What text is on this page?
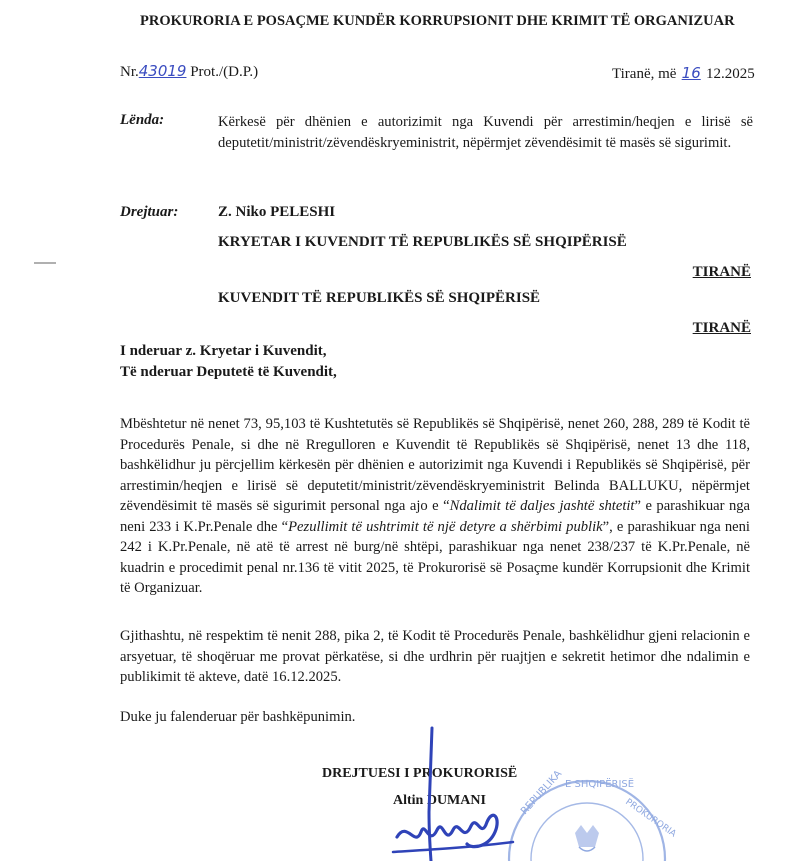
PROKURORIA E POSAÇME KUNDËR KORRUPSIONIT DHE KRIMIT TË ORGANIZUAR
Nr.43019 Prot./(D.P.)	Tiranë, më 16 12.2025
Lënda:	Kërkesë për dhënien e autorizimit nga Kuvendi për arrestimin/heqjen e lirisë së deputetit/ministrit/zëvendëskryeministrit, nëpërmjet zëvendësimit të masës së sigurimit.
Drejtuar:	Z. Niko PELESHI
KRYETAR I KUVENDIT TË REPUBLIKËS SË SHQIPËRISË
TIRANË
KUVENDIT TË REPUBLIKËS SË SHQIPËRISË
TIRANË
I nderuar z. Kryetar i Kuvendit,
Të nderuar Deputetë të Kuvendit,
Mbështetur në nenet 73, 95,103 të Kushtetutës së Republikës së Shqipërisë, nenet 260, 288, 289 të Kodit të Procedurës Penale, si dhe në Rregulloren e Kuvendit të Republikës së Shqipërisë, nenet 13 dhe 118, bashkëlidhur ju përcjellim kërkesën për dhënien e autorizimit nga Kuvendi i Republikës së Shqipërisë, për arrestimin/heqjen e lirisë së deputetit/ministrit/zëvendëskryeministrit Belinda BALLUKU, nëpërmjet zëvendësimit të masës së sigurimit personal nga ajo e “Ndalimit të daljes jashtë shtetit” e parashikuar nga neni 233 i K.Pr.Penale dhe “Pezullimit të ushtrimit të një detyre a shërbimi publik”, e parashikuar nga neni 242 i K.Pr.Penale, në atë të arrest në burg/në shtëpi, parashikuar nga nenet 238/237 të K.Pr.Penale, në kuadrin e procedimit penal nr.136 të vitit 2025, të Prokurorisë së Posaçme kundër Korrupsionit dhe Krimit të Organizuar.
Gjithashtu, në respektim të nenit 288, pika 2, të Kodit të Procedurës Penale, bashkëlidhur gjeni relacionin e arsyetuar, të shoqëruar me provat përkatëse, si dhe urdhrin për ruajtjen e sekretit hetimor dhe ndalimin e publikimit të akteve, datë 16.12.2025.
Duke ju falenderuar për bashkëpunimin.
DREJTUESI I PROKURORISË
Altin DUMANI	REPUBLIKA E SHQIPËRISË
PROKURORIA
